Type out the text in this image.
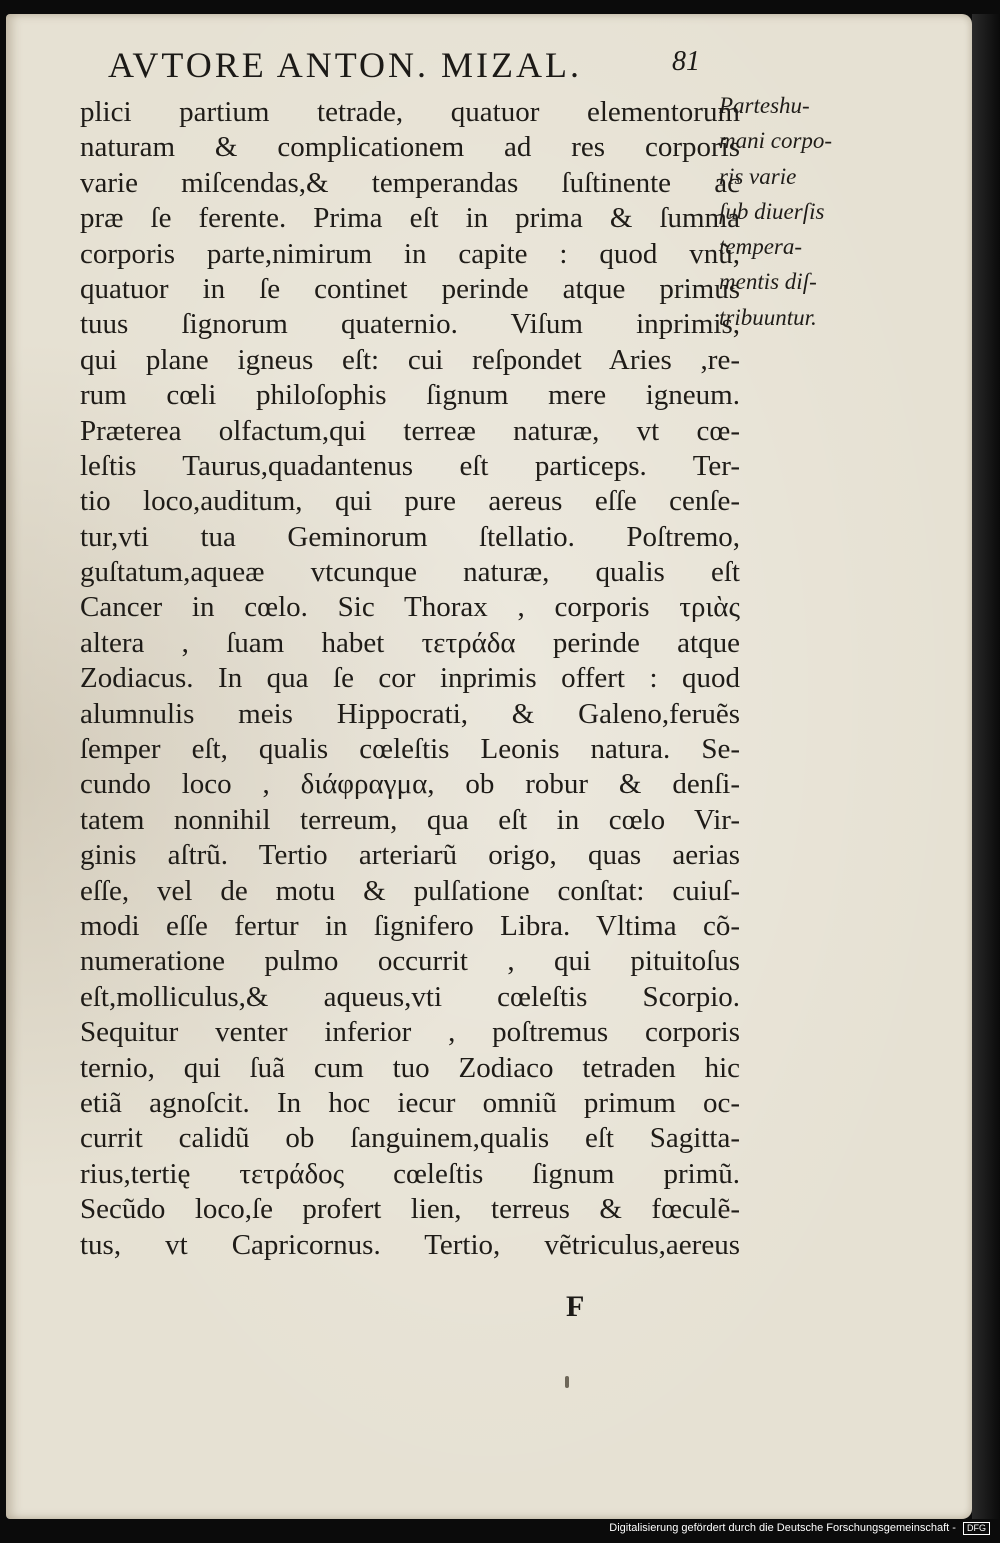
AVTORE ANTON. MIZAL.	81
plici partium tetrade, quatuor elementorum
naturam & complicationem ad res corporis
varie miſcendas,& temperandas ſuſtinente ac
præ ſe ferente. Prima eſt in prima & ſumma
corporis parte,nimirum in capite : quod vnũ,
quatuor in ſe continet perinde atque primus
tuus ſignorum quaternio. Viſum inprimis,
qui plane igneus eſt: cui reſpondet Aries ,re-
rum cœli philoſophis ſignum mere igneum.
Præterea olfactum,qui terreæ naturæ, vt cœ-
leſtis Taurus,quadantenus eſt particeps. Ter-
tio loco,auditum, qui pure aereus eſſe cenſe-
tur,vti tua Geminorum ſtellatio. Poſtremo,
guſtatum,aqueæ vtcunque naturæ, qualis eſt
Cancer in cœlo. Sic Thorax , corporis τριὰς
altera , ſuam habet τετράδα perinde atque
Zodiacus. In qua ſe cor inprimis offert : quod
alumnulis meis Hippocrati, & Galeno,feruẽs
ſemper eſt, qualis cœleſtis Leonis natura. Se-
cundo loco , διάφραγμα, ob robur & denſi-
tatem nonnihil terreum, qua eſt in cœlo Vir-
ginis aſtrũ. Tertio arteriarũ origo, quas aerias
eſſe, vel de motu & pulſatione conſtat: cuiuſ-
modi eſſe fertur in ſignifero Libra. Vltima cõ-
numeratione pulmo occurrit , qui pituitoſus
eſt,molliculus,& aqueus,vti cœleſtis Scorpio.
Sequitur venter inferior , poſtremus corporis
ternio, qui ſuã cum tuo Zodiaco tetraden hic
etiã agnoſcit. In hoc iecur omniũ primum oc-
currit calidũ ob ſanguinem,qualis eſt Sagitta-
rius,tertię τετράδος cœleſtis ſignum primũ.
Secũdo loco,ſe profert lien, terreus & fœculẽ-
tus, vt Capricornus. Tertio, vẽtriculus,aereus
Parteshu-
mani corpo-
ris varie
ſub diuerſis
tempera-
mentis diſ-
tribuuntur.
F
Digitalisierung gefördert durch die Deutsche Forschungsgemeinschaft - DFG
